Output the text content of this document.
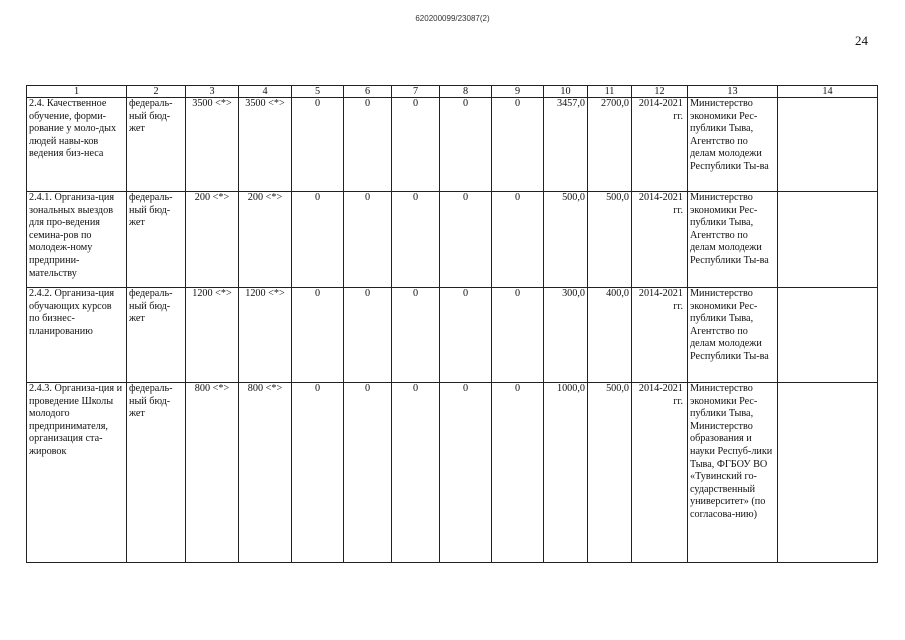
620200099/23087(2)
24
1	2	3	4	5	6	7	8	9	10	11	12	13	14
2.4. Качественное обучение, форми-рование у моло-дых людей навы-ков ведения биз-неса	федераль-ный бюд-жет	3500 <*>	3500 <*>	0	0	0	0	0	3457,0	2700,0	2014-2021 гг.	Министерство экономики Рес-публики Тыва, Агентство по делам молодежи Республики Ты-ва	
2.4.1. Организа-ция зональных выездов для про-ведения семина-ров по молодеж-ному предприни-мательству	федераль-ный бюд-жет	200 <*>	200 <*>	0	0	0	0	0	500,0	500,0	2014-2021 гг.	Министерство экономики Рес-публики Тыва, Агентство по делам молодежи Республики Ты-ва	
2.4.2. Организа-ция обучающих курсов по бизнес-планированию	федераль-ный бюд-жет	1200 <*>	1200 <*>	0	0	0	0	0	300,0	400,0	2014-2021 гг.	Министерство экономики Рес-публики Тыва, Агентство по делам молодежи Республики Ты-ва	
2.4.3. Организа-ция и проведение Школы молодого предпринимателя, организация ста-жировок	федераль-ный бюд-жет	800 <*>	800 <*>	0	0	0	0	0	1000,0	500,0	2014-2021 гг.	Министерство экономики Рес-публики Тыва, Министерство образования и науки Респуб-лики Тыва, ФГБОУ ВО «Тувинский го-сударственный университет» (по согласова-нию)	
